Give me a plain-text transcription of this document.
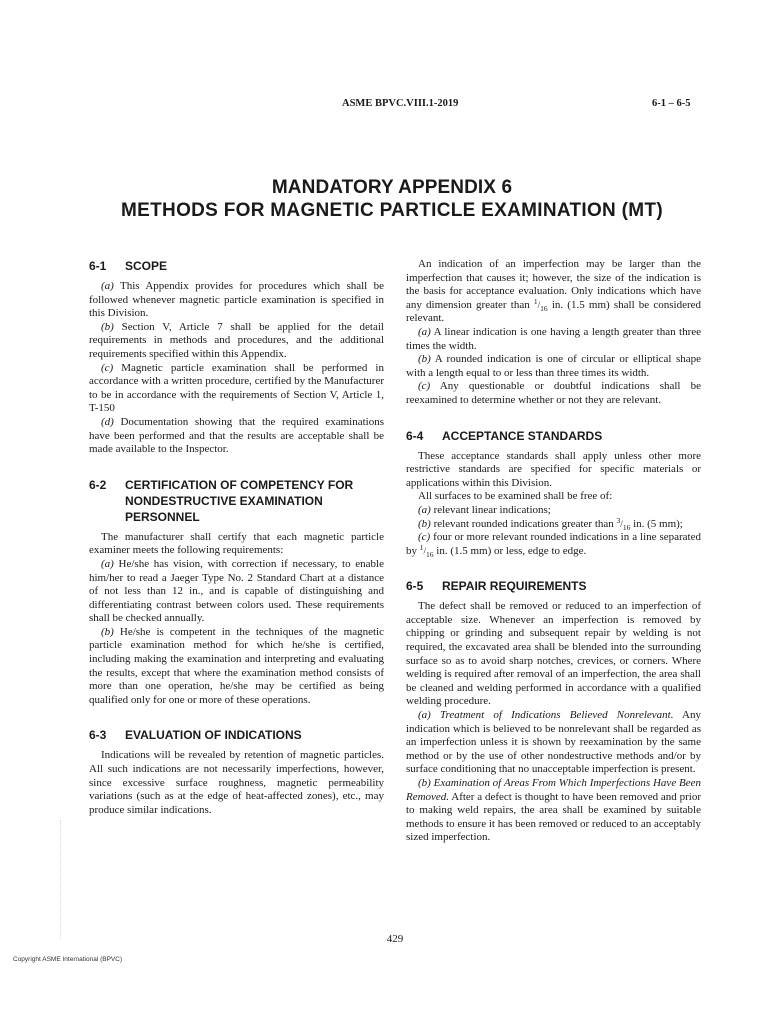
ASME BPVC.VIII.1-2019	6-1 – 6-5
MANDATORY APPENDIX 6
METHODS FOR MAGNETIC PARTICLE EXAMINATION (MT)
6-1	SCOPE

(a) This Appendix provides for procedures which shall be followed whenever magnetic particle examination is specified in this Division.

(b) Section V, Article 7 shall be applied for the detail requirements in methods and procedures, and the additional requirements specified within this Appendix.

(c) Magnetic particle examination shall be performed in accordance with a written procedure, certified by the Manufacturer to be in accordance with the requirements of Section V, Article 1, T-150

(d) Documentation showing that the required examinations have been performed and that the results are acceptable shall be made available to the Inspector.

6-2	CERTIFICATION OF COMPETENCY FOR NONDESTRUCTIVE EXAMINATION PERSONNEL

The manufacturer shall certify that each magnetic particle examiner meets the following requirements:

(a) He/she has vision, with correction if necessary, to enable him/her to read a Jaeger Type No. 2 Standard Chart at a distance of not less than 12 in., and is capable of distinguishing and differentiating contrast between colors used. These requirements shall be checked annually.

(b) He/she is competent in the techniques of the magnetic particle examination method for which he/she is certified, including making the examination and interpreting and evaluating the results, except that where the examination method consists of more than one operation, he/she may be certified as being qualified only for one or more of these operations.

6-3	EVALUATION OF INDICATIONS

Indications will be revealed by retention of magnetic particles. All such indications are not necessarily imperfections, however, since excessive surface roughness, magnetic permeability variations (such as at the edge of heat-affected zones), etc., may produce similar indications.

An indication of an imperfection may be larger than the imperfection that causes it; however, the size of the indication is the basis for acceptance evaluation. Only indications which have any dimension greater than $^1/_{16}$ in. (1.5 mm) shall be considered relevant.

(a) A linear indication is one having a length greater than three times the width.

(b) A rounded indication is one of circular or elliptical shape with a length equal to or less than three times its width.

(c) Any questionable or doubtful indications shall be reexamined to determine whether or not they are relevant.

6-4	ACCEPTANCE STANDARDS

These acceptance standards shall apply unless other more restrictive standards are specified for specific materials or applications within this Division.

All surfaces to be examined shall be free of:

(a) relevant linear indications;

(b) relevant rounded indications greater than $^3/_{16}$ in. (5 mm);

(c) four or more relevant rounded indications in a line separated by $^1/_{16}$ in. (1.5 mm) or less, edge to edge.

6-5	REPAIR REQUIREMENTS

The defect shall be removed or reduced to an imperfection of acceptable size. Whenever an imperfection is removed by chipping or grinding and subsequent repair by welding is not required, the excavated area shall be blended into the surrounding surface so as to avoid sharp notches, crevices, or corners. Where welding is required after removal of an imperfection, the area shall be cleaned and welding performed in accordance with a qualified welding procedure.

(a) Treatment of Indications Believed Nonrelevant. Any indication which is believed to be nonrelevant shall be regarded as an imperfection unless it is shown by reexamination by the same method or by the use of other nondestructive methods and/or by surface conditioning that no unacceptable imperfection is present.

(b) Examination of Areas From Which Imperfections Have Been Removed. After a defect is thought to have been removed and prior to making weld repairs, the area shall be examined by suitable methods to ensure it has been removed or reduced to an acceptably sized imperfection.

429
Copyright ASME International (BPVC)
